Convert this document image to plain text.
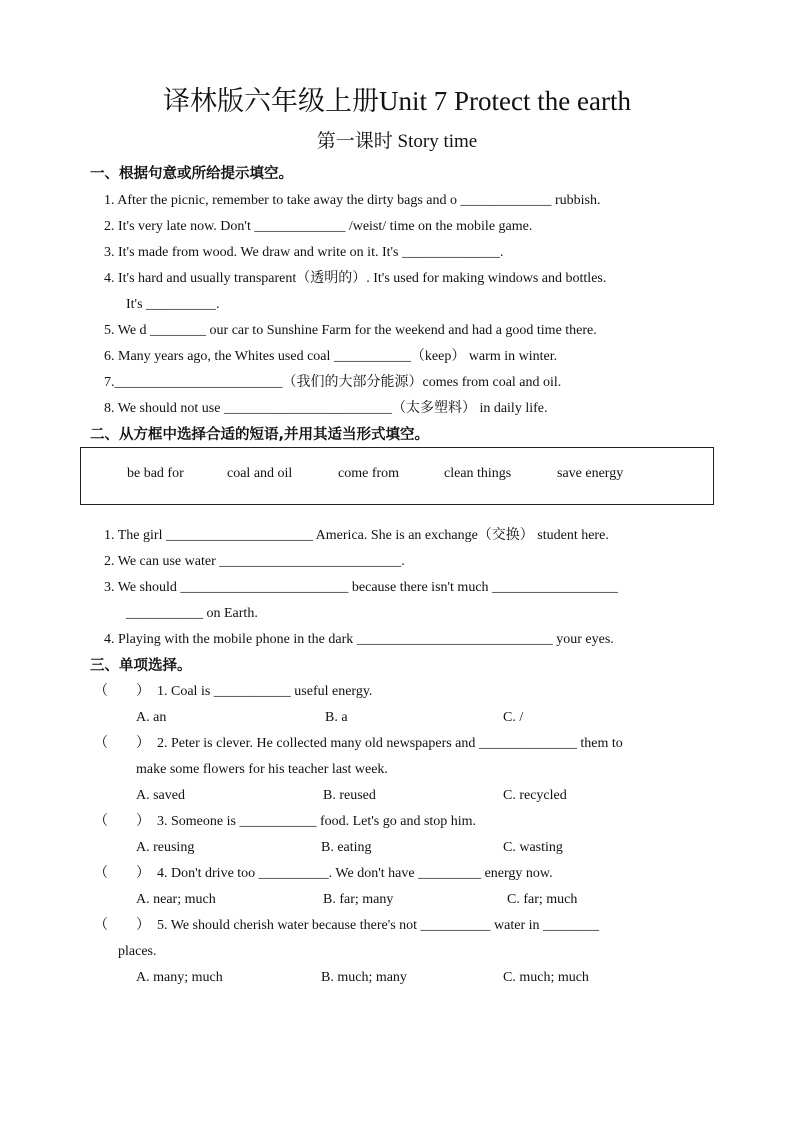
译林版六年级上册Unit 7 Protect the earth
第一课时 Story time
一、根据句意或所给提示填空。
1. After the picnic, remember to take away the dirty bags and o _____________ rubbish.
2. It's very late now. Don't _____________ /weist/ time on the mobile game.
3. It's made from wood. We draw and write on it. It's ______________.
4. It's hard and usually transparent（透明的）. It's used for making windows and bottles.
It's __________.
5. We d ________ our car to Sunshine Farm for the weekend and had a good time there.
6. Many years ago, the Whites used coal ___________（keep） warm in winter.
7.________________________（我们的大部分能源）comes from coal and oil.
8. We should not use ________________________（太多塑料） in daily life.
二、从方框中选择合适的短语,并用其适当形式填空。
be bad for	coal and oil	come from	clean things	save energy
1. The girl _____________________ America. She is an exchange（交换） student here.
2. We can use water __________________________.
3. We should ________________________ because there isn't much __________________
___________ on Earth.
4. Playing with the mobile phone in the dark ____________________________ your eyes.
三、单项选择。
（　　） 1. Coal is ___________ useful energy.
A. an	B. a	C. /
（　　） 2. Peter is clever. He collected many old newspapers and ______________ them to
make some flowers for his teacher last week.
A. saved	B. reused	C. recycled
（　　） 3. Someone is ___________ food. Let's go and stop him.
A. reusing	B. eating	C. wasting
（　　） 4. Don't drive too __________. We don't have _________ energy now.
A. near; much	B. far; many	C. far; much
（　　） 5. We should cherish water because there's not __________ water in ________
places.
A. many; much	B. much; many	C. much; much
